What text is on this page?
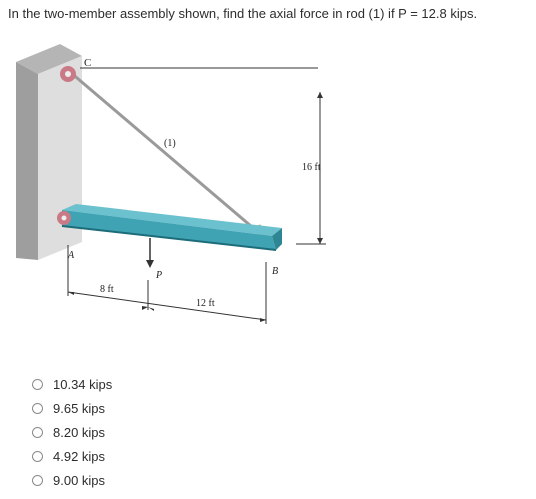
In the two-member assembly shown, find the axial force in rod (1) if P = 12.8 kips.
C
A
B
P
(1)
8 ft
12 ft
16 ft
10.34 kips
9.65 kips
8.20 kips
4.92 kips
9.00 kips
